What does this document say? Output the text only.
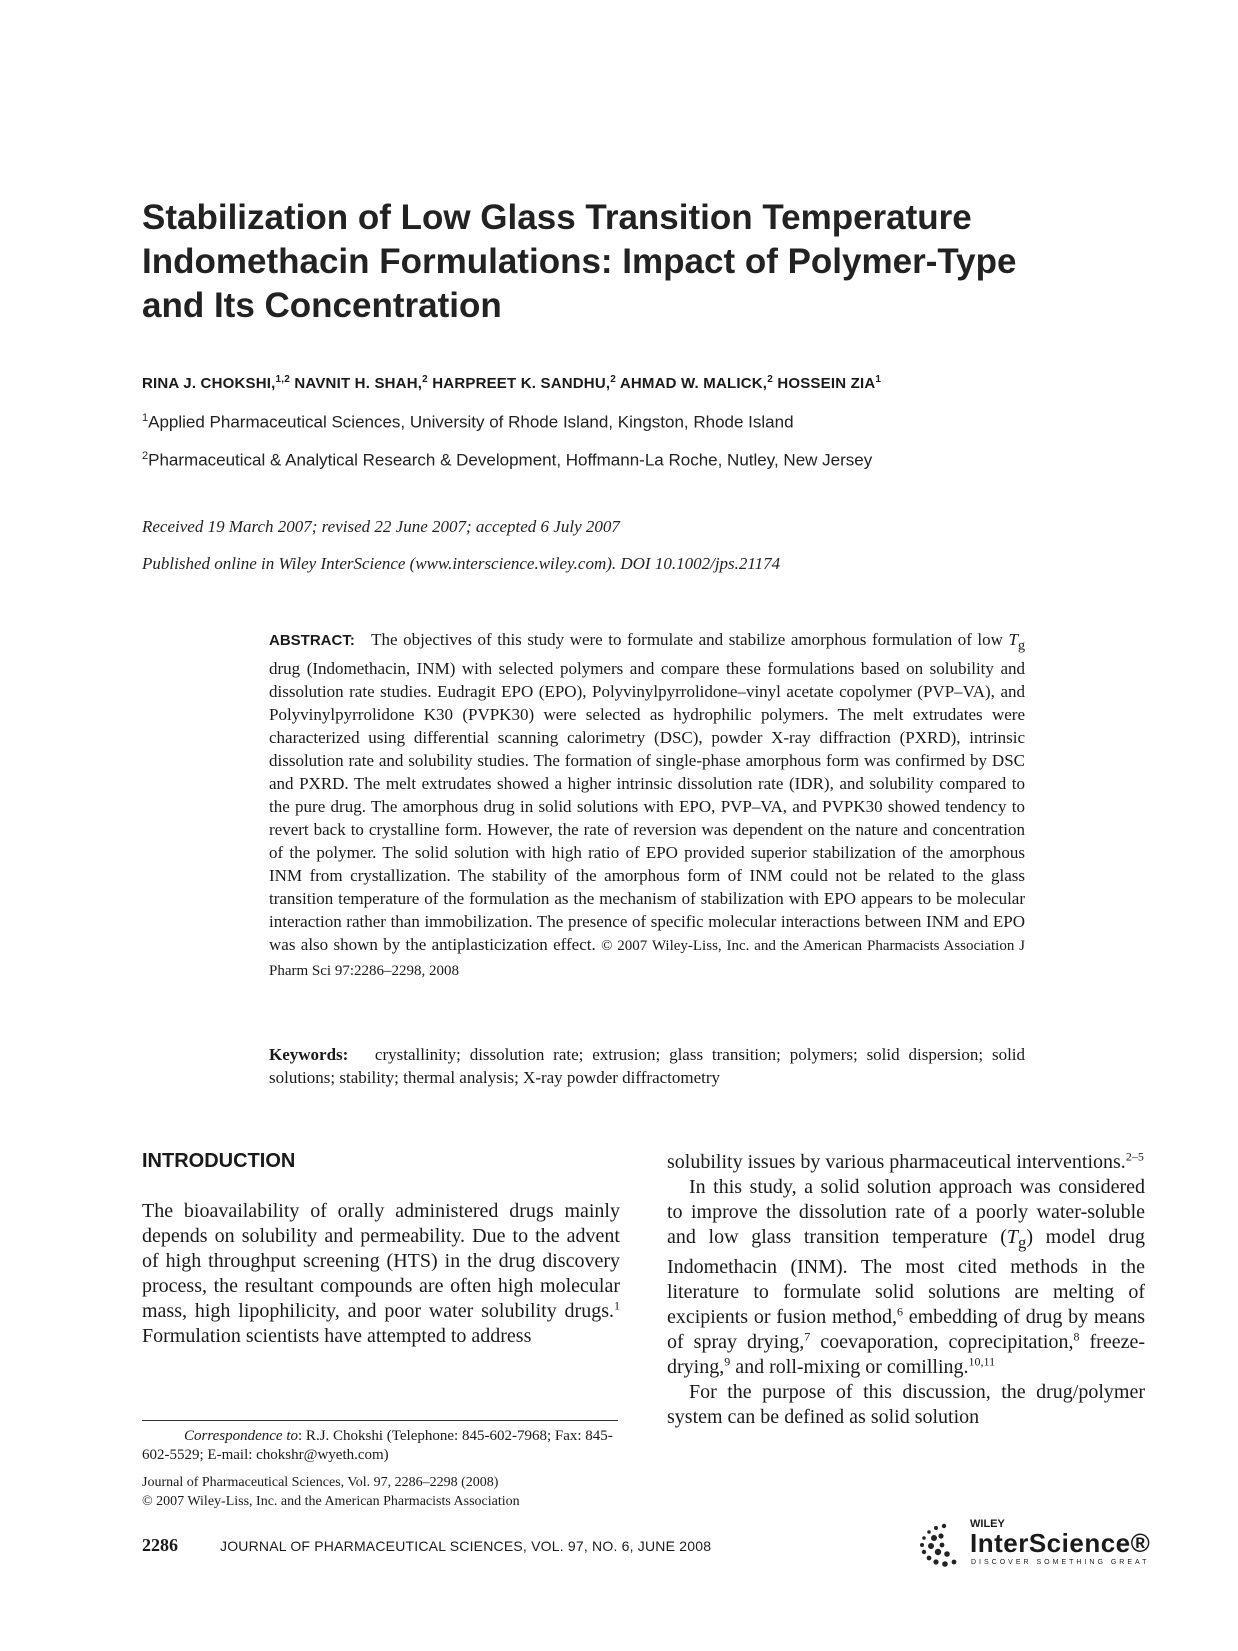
Stabilization of Low Glass Transition Temperature
Indomethacin Formulations: Impact of Polymer-Type
and Its Concentration
RINA J. CHOKSHI,$^{1,2}$ NAVNIT H. SHAH,$^2$ HARPREET K. SANDHU,$^2$ AHMAD W. MALICK,$^2$ HOSSEIN ZIA$^1$
$^1$Applied Pharmaceutical Sciences, University of Rhode Island, Kingston, Rhode Island
$^2$Pharmaceutical & Analytical Research & Development, Hoffmann-La Roche, Nutley, New Jersey
Received 19 March 2007; revised 22 June 2007; accepted 6 July 2007
Published online in Wiley InterScience (www.interscience.wiley.com). DOI 10.1002/jps.21174
ABSTRACT: The objectives of this study were to formulate and stabilize amorphous formulation of low $T_g$ drug (Indomethacin, INM) with selected polymers and compare these formulations based on solubility and dissolution rate studies. Eudragit EPO (EPO), Polyvinylpyrrolidone–vinyl acetate copolymer (PVP–VA), and Polyvinylpyrrolidone K30 (PVPK30) were selected as hydrophilic polymers. The melt extrudates were characterized using differential scanning calorimetry (DSC), powder X-ray diffraction (PXRD), intrinsic dissolution rate and solubility studies. The formation of single-phase amorphous form was confirmed by DSC and PXRD. The melt extrudates showed a higher intrinsic dissolution rate (IDR), and solubility compared to the pure drug. The amorphous drug in solid solutions with EPO, PVP–VA, and PVPK30 showed tendency to revert back to crystalline form. However, the rate of reversion was dependent on the nature and concentration of the polymer. The solid solution with high ratio of EPO provided superior stabilization of the amorphous INM from crystallization. The stability of the amorphous form of INM could not be related to the glass transition temperature of the formulation as the mechanism of stabilization with EPO appears to be molecular interaction rather than immobilization. The presence of specific molecular interactions between INM and EPO was also shown by the antiplasticization effect. © 2007 Wiley-Liss, Inc. and the American Pharmacists Association J Pharm Sci 97:2286–2298, 2008
Keywords: crystallinity; dissolution rate; extrusion; glass transition; polymers; solid dispersion; solid solutions; stability; thermal analysis; X-ray powder diffractometry
INTRODUCTION

The bioavailability of orally administered drugs mainly depends on solubility and permeability. Due to the advent of high throughput screening (HTS) in the drug discovery process, the resultant compounds are often high molecular mass, high lipophilicity, and poor water solubility drugs.$^1$ Formulation scientists have attempted to address

solubility issues by various pharmaceutical interventions.$^{2-5}$

In this study, a solid solution approach was considered to improve the dissolution rate of a poorly water-soluble and low glass transition temperature $(T_g)$ model drug Indomethacin (INM). The most cited methods in the literature to formulate solid solutions are melting of excipients or fusion method,$^6$ embedding of drug by means of spray drying,$^7$ coevaporation, coprecipitation,$^8$ freeze-drying,$^9$ and roll-mixing or comilling.$^{10,11}$

For the purpose of this discussion, the drug/polymer system can be defined as solid solution

Correspondence to: R.J. Chokshi (Telephone: 845-602-7968; Fax: 845-602-5529; E-mail: chokshr@wyeth.com)
Journal of Pharmaceutical Sciences, Vol. 97, 2286–2298 (2008)
© 2007 Wiley-Liss, Inc. and the American Pharmacists Association
2286	JOURNAL OF PHARMACEUTICAL SCIENCES, VOL. 97, NO. 6, JUNE 2008
WILEY
InterScience®
DISCOVER SOMETHING GREAT
